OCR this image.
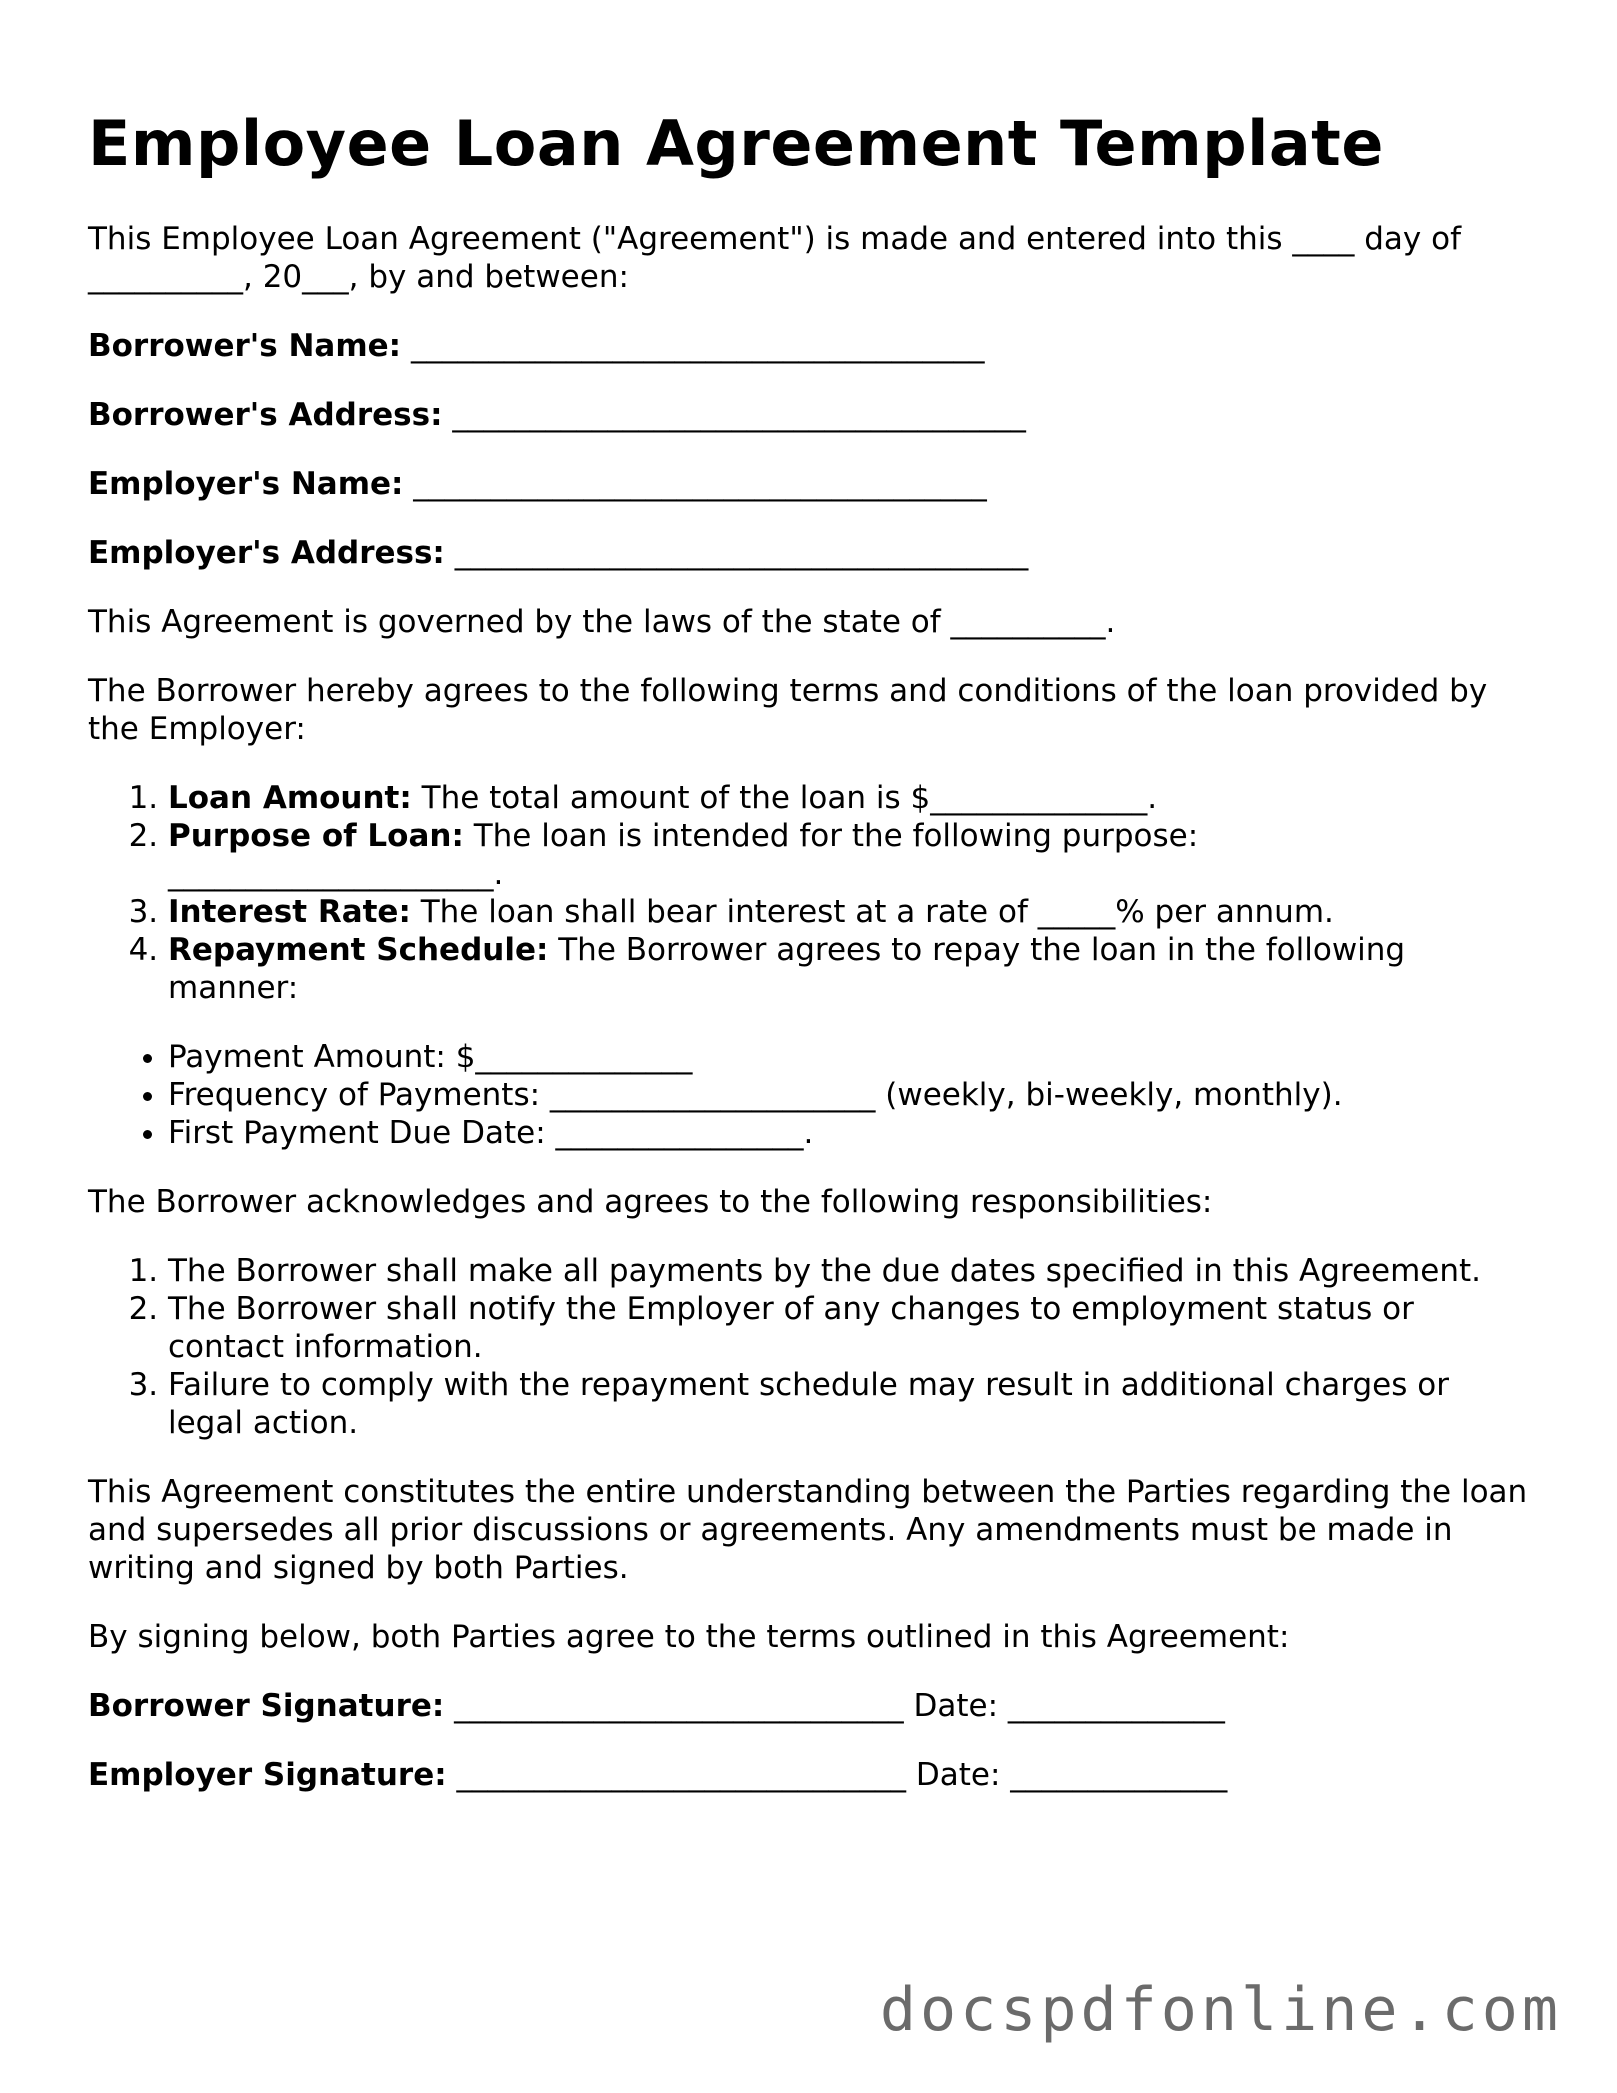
Employee Loan Agreement Template

This Employee Loan Agreement ("Agreement") is made and entered into this ____ day of __________, 20___, by and between:

Borrower's Name: _____________________________________
Borrower's Address: _____________________________________
Employer's Name: _____________________________________
Employer's Address: _____________________________________

This Agreement is governed by the laws of the state of __________.

The Borrower hereby agrees to the following terms and conditions of the loan provided by the Employer:

1. Loan Amount: The total amount of the loan is $______________.
2. Purpose of Loan: The loan is intended for the following purpose: _____________________.
3. Interest Rate: The loan shall bear interest at a rate of _____% per annum.
4. Repayment Schedule: The Borrower agrees to repay the loan in the following manner:
• Payment Amount: $______________
• Frequency of Payments: _____________________ (weekly, bi-weekly, monthly).
• First Payment Due Date: ________________.

The Borrower acknowledges and agrees to the following responsibilities:

1. The Borrower shall make all payments by the due dates specified in this Agreement.
2. The Borrower shall notify the Employer of any changes to employment status or contact information.
3. Failure to comply with the repayment schedule may result in additional charges or legal action.

This Agreement constitutes the entire understanding between the Parties regarding the loan and supersedes all prior discussions or agreements. Any amendments must be made in writing and signed by both Parties.

By signing below, both Parties agree to the terms outlined in this Agreement:

Borrower Signature: _____________________________ Date: ______________
Employer Signature: _____________________________ Date: ______________
docspdfonline.com
